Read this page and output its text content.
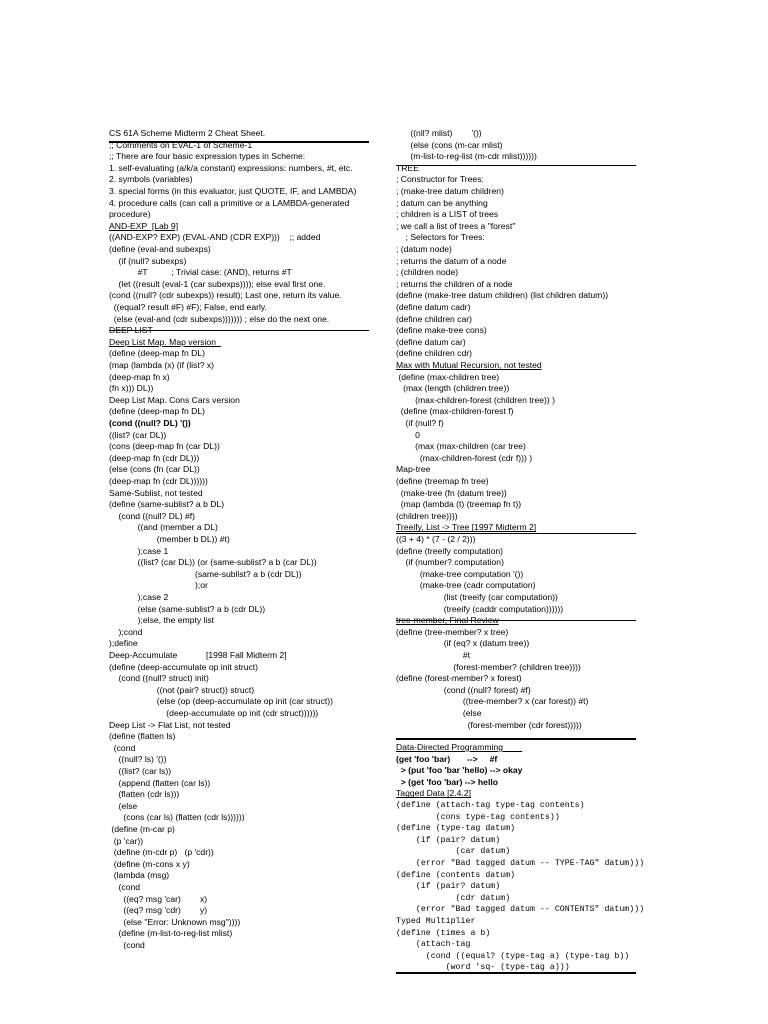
CS 61A Scheme Midterm 2 Cheat Sheet.
;; Comments on EVAL-1 of Scheme-1
;; There are four basic expression types in Scheme:
1. self-evaluating (a/k/a constant) expressions: numbers, #t, etc.
2. symbols (variables)
3. special forms (in this evaluator, just QUOTE, IF, and LAMBDA)
4. procedure calls (can call a primitive or a LAMBDA-generated
procedure)
AND-EXP  [Lab 9]
((AND-EXP? EXP) (EVAL-AND (CDR EXP)))    ;; added
(define (eval-and subexps)
(if (null? subexps)
#T          ; Trivial case: (AND), returns #T
(let ((result (eval-1 (car subexps)))); else eval first one.
(cond ((null? (cdr subexps)) result); Last one, return its value.
((equal? result #F) #F); False, end early.
(else (eval-and (cdr subexps))))))) ; else do the next one.
DEEP LIST
Deep List Map. Map version
(define (deep-map fn DL)
(map (lambda (x) (if (list? x)
(deep-map fn x)
(fn x))) DL))
Deep List Map. Cons Cars version
(define (deep-map fn DL)
(cond ((null? DL) '())
((list? (car DL))
(cons (deep-map fn (car DL))
(deep-map fn (cdr DL)))
(else (cons (fn (car DL))
(deep-map fn (cdr DL))))))
Same-Sublist, not tested
(define (same-sublist? a b DL)
(cond ((null? DL) #f)
((and (member a DL)
(member b DL)) #t)
);case 1
((list? (car DL)) (or (same-sublist? a b (car DL))
(same-sublist? a b (cdr DL))
);or
);case 2
(else (same-sublist? a b (cdr DL))
);else, the empty list
);cond
);define
Deep-Accumulate            [1998 Fall Midterm 2]
(define (deep-accumulate op init struct)
(cond ((null? struct) init)
((not (pair? struct)) struct)
(else (op (deep-accumulate op init (car struct))
(deep-accumulate op init (cdr struct))))))
Deep List -> Flat List, not tested
(define (flatten ls)
(cond
((null? ls) '())
((list? (car ls))
(append (flatten (car ls))
(flatten (cdr ls)))
(else
(cons (car ls) (flatten (cdr ls))))))
(define (m-car p)
(p 'car))
(define (m-cdr p)   (p 'cdr))
(define (m-cons x y)
(lambda (msg)
(cond
((eq? msg 'car)        x)
((eq? msg 'cdr)        y)
(else "Error: Unknown msg"))))
(define (m-list-to-reg-list mlist)
(cond
((nll? mlist)        '())
(else (cons (m-car mlist)
(m-list-to-reg-list (m-cdr mlist))))))
TREE
; Constructor for Trees:
; (make-tree datum children)
; datum can be anything
; children is a LIST of trees
; we call a list of trees a "forest"
; Selectors for Trees:
; (datum node)
; returns the datum of a node
; (children node)
; returns the children of a node
(define (make-tree datum children) (list children datum))
(define datum cadr)
(define children car)
(define make-tree cons)
(define datum car)
(define children cdr)
Max with Mutual Recursion, not tested
(define (max-children tree)
(max (length (children tree))
(max-children-forest (children tree)) )
(define (max-children-forest f)
(if (null? f)
0
(max (max-children (car tree)
(max-children-forest (cdr f))) )
Map-tree
(define (treemap fn tree)
(make-tree (fn (datum tree))
(map (lambda (t) (treemap fn t))
(children tree))))
Treeify, List -> Tree [1997 Midterm 2]
((3 + 4) * (7 - (2 / 2)))
(define (treeify computation)
(if (number? computation)
(make-tree computation '())
(make-tree (cadr computation)
(list (treeify (car computation))
(treeify (caddr computation))))))
tree-member, Final Review
(define (tree-member? x tree)
(if (eq? x (datum tree))
#t
(forest-member? (children tree))))
(define (forest-member? x forest)
(cond ((null? forest) #f)
((tree-member? x (car forest)) #t)
(else
(forest-member (cdr forest)))))
Data-Directed Programming
(get 'foo 'bar)       -->     #f
> (put 'foo 'bar 'hello) --> okay
> (get 'foo 'bar) --> hello
Tagged Data [2.4.2]
(define (attach-tag type-tag contents)
(cons type-tag contents))
(define (type-tag datum)
(if (pair? datum)
(car datum)
(error "Bad tagged datum -- TYPE-TAG" datum)))
(define (contents datum)
(if (pair? datum)
(cdr datum)
(error "Bad tagged datum -- CONTENTS" datum)))
Typed Multiplier
(define (times a b)
(attach-tag
(cond ((equal? (type-tag a) (type-tag b))
(word 'sq- (type-tag a)))
